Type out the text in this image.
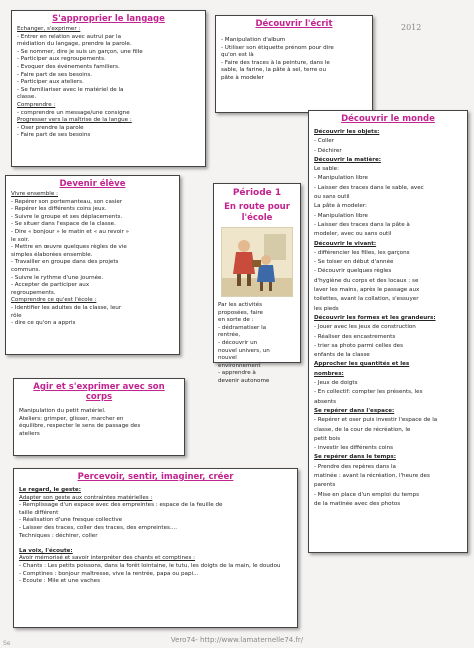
2012
S'approprier le langage
Echanger, s'exprimer :
- Entrer en relation avec autrui par la
médiation du langage, prendre la parole.
- Se nommer, dire je suis un garçon, une fille
- Participer aux regroupements.
- Evoquer des événements familiers.
- Faire part de ses besoins.
- Participer aux ateliers.
- Se familiariser avec le matériel de la
classe.
Comprendre :
- comprendre un message/une consigne
Progresser vers la maîtrise de la langue :
- Oser prendre la parole
- Faire part de ses besoins
Découvrir l'écrit
- Manipulation d'album
- Utiliser son étiquette prénom pour dire
qu'on est là
- Faire des traces à la peinture, dans le
sable, la farine, la pâte à sel, terre ou
pâte à modeler
Devenir élève
Vivre ensemble :
- Repérer son portemanteau, son casier
- Repérer les différents coins jeux.
- Suivre le groupe et ses déplacements.
- Se situer dans l'espace de la classe.
- Dire « bonjour » le matin et « au revoir »
le soir.
- Mettre en œuvre quelques règles de vie
simples élaborées ensemble.
- Travailler en groupe dans des projets
communs.
- Suivre le rythme d'une journée.
- Accepter de participer aux
regroupements.
Comprendre ce qu'est l'école :
- Identifier les adultes de la classe, leur
rôle
- dire ce qu'on a appris
Période 1
En route pour
l'école
Par les activités
proposées, faire
en sorte de :
- dédramatiser la
rentrée,
- découvrir un
nouvel univers, un
nouvel
environnement
- apprendre à
devenir autonome
Découvrir le monde
Découvrir les objets:
- Coller
- Déchirer
Découvrir la matière:
Le sable:
- Manipulation libre
- Laisser des traces dans le sable, avec
ou sans outil
La pâte à modeler:
- Manipulation libre
- Laisser des traces dans la pâte à
modeler, avec ou sans outil
Découvrir le vivant:
- différencier les filles, les garçons
- Se toiser en début d'année
- Découvrir quelques règles
d'hygiène du corps et des locaux : se
laver les mains, après le passage aux
toilettes, avant la collation, s'essuyer
les pieds
Découvrir les formes et les grandeurs:
- Jouer avec les jeux de construction
- Réaliser des encastrements
- trier sa photo parmi celles des
enfants de la classe
Approcher les quantités et les
nombres:
- Jeux de doigts
- En collectif: compter les présents, les
absents
Se repérer dans l'espace:
- Repérer et oser puis investir l'espace de la
classe, de la cour de récréation, le
petit bois
- investir les différents coins
Se repérer dans le temps:
- Prendre des repères dans la
matinée : avant la récréation, l'heure des
parents
- Mise en place d'un emploi du temps
de la matinée avec des photos
Agir et s'exprimer avec son
corps
Manipulation du petit matériel.
Ateliers: grimper, glisser, marcher en
équilibre, respecter le sens de passage des
ateliers
Percevoir, sentir, imaginer, créer
Le regard, le geste:
Adapter son geste aux contraintes matérielles :
- Remplissage d'un espace avec des empreintes : espace de la feuille de
taille différent
- Réalisation d'une fresque collective
- Laisser des traces, coller des traces, des empreintes....
Techniques : déchirer, coller

La voix, l'écoute:
Avoir mémorisé et savoir interpréter des chants et comptines :
- Chants : Les petits poissons, dans la forêt lointaine, le tutu, les doigts de la main, le doudou
- Comptines : bonjour maîtresse, vive la rentrée, papa ou papi...
- Ecoute : Mile et une vaches
Vero74- http://www.lamaternelle74.fr/
Se
